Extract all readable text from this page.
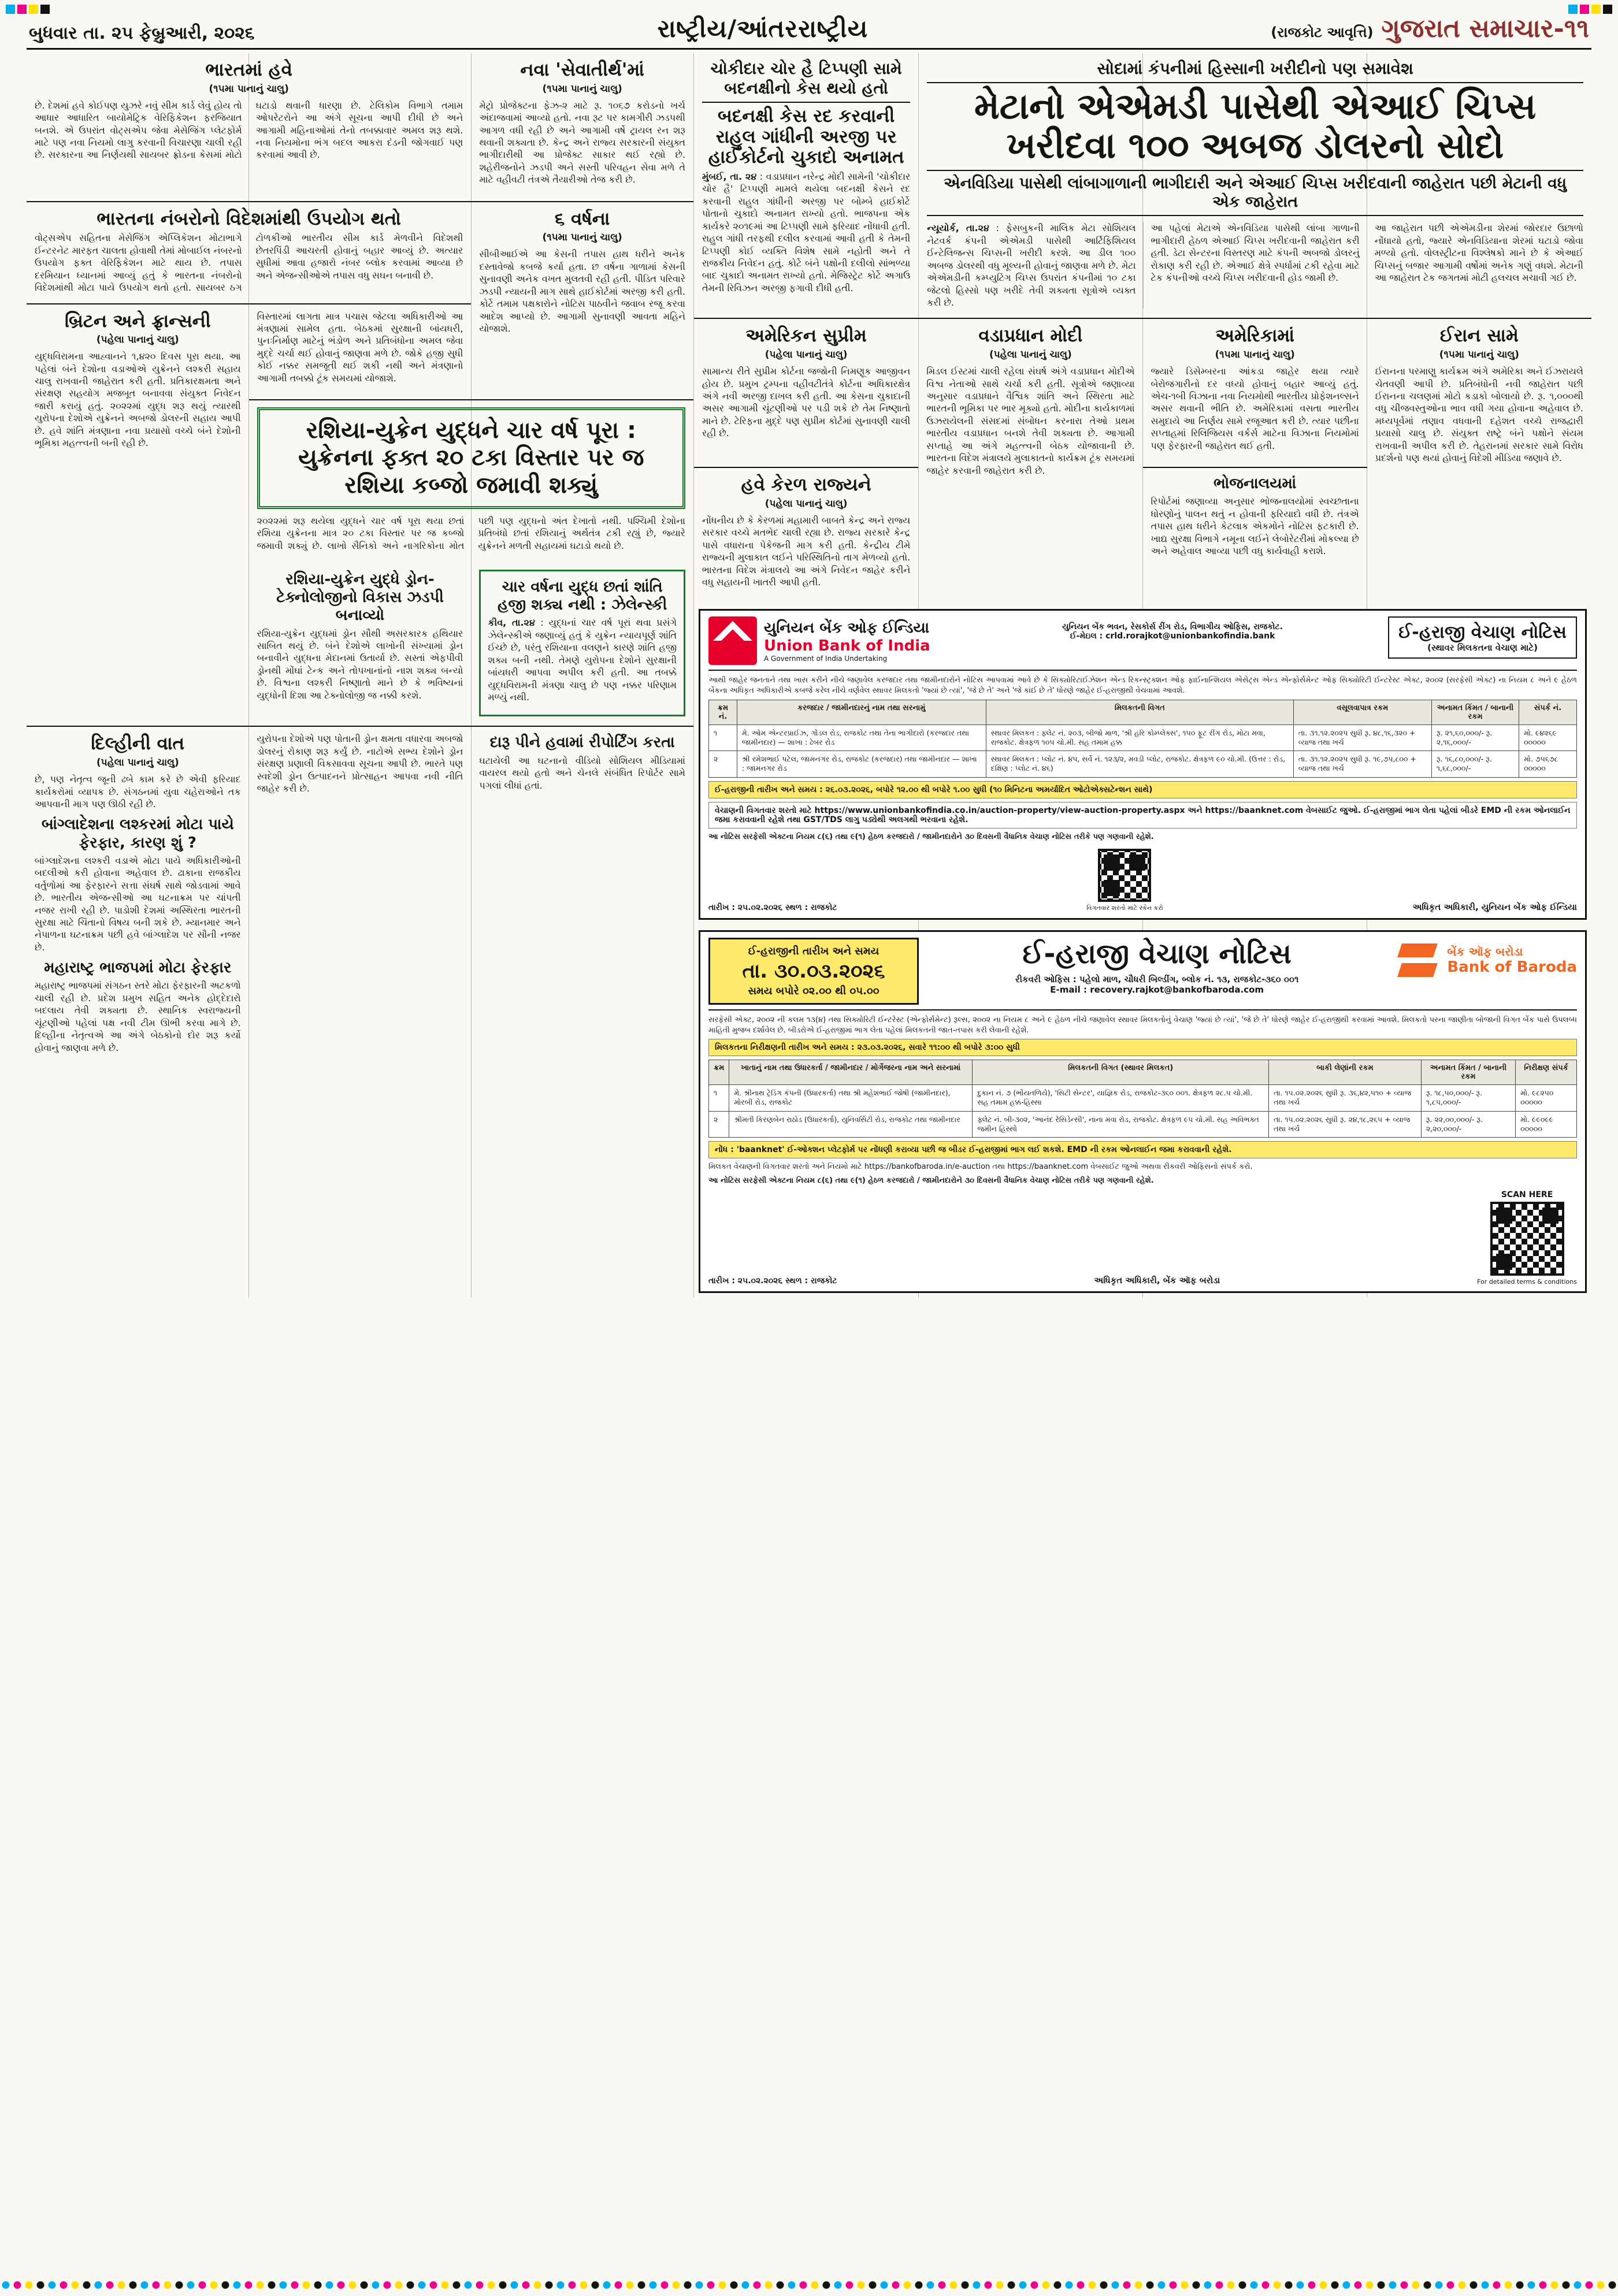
બુધવાર તા. ૨૫ ફેબ્રુઆરી, ૨૦૨૬	રાષ્ટ્રીય/આંતરરાષ્ટ્રીય	(રાજકોટ આવૃત્તિ) ગુજરાત સમાચાર-૧૧
ભારતમાં હવે

(૧૫મા પાનાનું ચાલુ)

છે. દેશમાં હવે કોઈપણ યુઝરે નવું સીમ કાર્ડ લેવું હોય તો આધાર આધારિત બાયોમેટ્રિક વેરિફિકેશન ફરજિયાત બનશે. એ ઉપરાંત વોટ્સએપ જેવા મેસેજિંગ પ્લેટફોર્મ માટે પણ નવા નિયમો લાગુ કરવાની વિચારણા ચાલી રહી છે. સરકારના આ નિર્ણયથી સાયબર ફ્રોડના કેસમાં મોટો ઘટાડો થવાની ધારણા છે. ટેલિકોમ વિભાગે તમામ ઓપરેટરોને આ અંગે સૂચના આપી દીધી છે અને આગામી મહિનાઓમાં તેનો તબક્કાવાર અમલ શરૂ થશે. નવા નિયમોના ભંગ બદલ આકરા દંડની જોગવાઈ પણ કરવામાં આવી છે.

નવા 'સેવાતીર્થ'માં

(૧૫મા પાનાનું ચાલુ)

મેટ્રો પ્રોજેક્ટના ફેઝ-૨ માટે રૂ. ૧૦૬૭ કરોડનો ખર્ચ અંદાજવામાં આવ્યો હતો. નવા રૂટ પર કામગીરી ઝડપથી આગળ વધી રહી છે અને આગામી વર્ષે ટ્રાયલ રન શરૂ થવાની શક્યતા છે. કેન્દ્ર અને રાજ્ય સરકારની સંયુક્ત ભાગીદારીથી આ પ્રોજેક્ટ સાકાર થઈ રહ્યો છે. શહેરીજનોને ઝડપી અને સસ્તી પરિવહન સેવા મળે તે માટે વહીવટી તંત્રએ તૈયારીઓ તેજ કરી છે.

ભારતના નંબરોનો વિદેશમાંથી ઉપયોગ થતો

વોટ્સએપ સહિતના મેસેજિંગ એપ્લિકેશન મોટાભાગે ઈન્ટરનેટ મારફત ચાલતા હોવાથી તેમાં મોબાઈલ નંબરનો ઉપયોગ ફક્ત વેરિફિકેશન માટે થાય છે. તપાસ દરમિયાન ધ્યાનમાં આવ્યું હતું કે ભારતના નંબરોનો વિદેશમાંથી મોટા પાયે ઉપયોગ થતો હતો. સાયબર ઠગ ટોળકીઓ ભારતીય સીમ કાર્ડ મેળવીને વિદેશથી છેતરપિંડી આચરતી હોવાનું બહાર આવ્યું છે. અત્યાર સુધીમાં આવા હજારો નંબર બ્લોક કરવામાં આવ્યા છે અને એજન્સીઓએ તપાસ વધુ સઘન બનાવી છે.

૬ વર્ષના

(૧૫મા પાનાનું ચાલુ)

સીબીઆઈએ આ કેસની તપાસ હાથ ધરીને અનેક દસ્તાવેજો કબજે કર્યા હતા. છ વર્ષના ગાળામાં કેસની સુનાવણી અનેક વખત મુલતવી રહી હતી. પીડિત પરિવારે ઝડપી ન્યાયની માગ સાથે હાઈકોર્ટમાં અરજી કરી હતી. કોર્ટે તમામ પક્ષકારોને નોટિસ પાઠવીને જવાબ રજૂ કરવા આદેશ આપ્યો છે. આગામી સુનાવણી આવતા મહિને યોજાશે.

બ્રિટન અને ફ્રાન્સની

(પહેલા પાનાનું ચાલુ)

યુદ્ધવિરામના આહ્વાનને ૧,૪૨૦ દિવસ પૂરા થયા. આ પહેલાં બંને દેશોના વડાઓએ યુક્રેનને લશ્કરી સહાય ચાલુ રાખવાની જાહેરાત કરી હતી. પ્રતિકારક્ષમતા અને સંરક્ષણ સહયોગ મજબૂત બનાવવા સંયુક્ત નિવેદન જારી કરાયું હતું. ૨૦૨૨માં યુદ્ધ શરૂ થયું ત્યારથી યુરોપના દેશોએ યુક્રેનને અબજો ડોલરની સહાય આપી છે. હવે શાંતિ મંત્રણાના નવા પ્રયાસો વચ્ચે બંને દેશોની ભૂમિકા મહત્ત્વની બની રહી છે.

વિસ્તારમાં લાગતા માત્ર પચાસ જેટલા અધિકારીઓ આ મંત્રણામાં સામેલ હતા. બેઠકમાં સુરક્ષાની બાંયધરી, પુનઃનિર્માણ માટેનું ભંડોળ અને પ્રતિબંધોના અમલ જેવા મુદ્દે ચર્ચા થઈ હોવાનું જાણવા મળે છે. જોકે હજી સુધી કોઈ નક્કર સમજૂતી થઈ શકી નથી અને મંત્રણાનો આગામી તબક્કો ટૂંક સમયમાં યોજાશે.

રશિયા-યુક્રેન યુદ્ધને ચાર વર્ષ પૂરા : યુક્રેનના ફક્ત ૨૦ ટકા વિસ્તાર પર જ રશિયા કબ્જો જમાવી શક્યું

૨૦૨૨માં શરૂ થયેલા યુદ્ધને ચાર વર્ષ પૂરા થયા છતાં રશિયા યુક્રેનના માત્ર ૨૦ ટકા વિસ્તાર પર જ કબ્જો જમાવી શક્યું છે. લાખો સૈનિકો અને નાગરિકોના મોત પછી પણ યુદ્ધનો અંત દેખાતો નથી. પશ્ચિમી દેશોના પ્રતિબંધો છતાં રશિયાનું અર્થતંત્ર ટકી રહ્યું છે, જ્યારે યુક્રેનને મળતી સહાયમાં ઘટાડો થયો છે.

રશિયા-યુક્રેન યુદ્ધે ડ્રોન-ટેક્નોલોજીનો વિકાસ ઝડપી બનાવ્યો

રશિયા-યુક્રેન યુદ્ધમાં ડ્રોન સૌથી અસરકારક હથિયાર સાબિત થયું છે. બંને દેશોએ લાખોની સંખ્યામાં ડ્રોન બનાવીને યુદ્ધના મેદાનમાં ઉતાર્યા છે. સસ્તાં એફપીવી ડ્રોનથી મોંઘાં ટેન્ક અને તોપખાનાંનો નાશ શક્ય બન્યો છે. વિશ્વના લશ્કરી નિષ્ણાતો માને છે કે ભવિષ્યનાં યુદ્ધોની દિશા આ ટેક્નોલોજી જ નક્કી કરશે.

ચાર વર્ષના યુદ્ધ છતાં શાંતિ હજી શક્ય નથી : ઝેલેન્સ્કી

કીવ, તા.૨૪ : યુદ્ધનાં ચાર વર્ષ પૂરાં થવા પ્રસંગે ઝેલેન્સ્કીએ જણાવ્યું હતું કે યુક્રેન ન્યાયપૂર્ણ શાંતિ ઈચ્છે છે, પરંતુ રશિયાના વલણને કારણે શાંતિ હજી શક્ય બની નથી. તેમણે યુરોપના દેશોને સુરક્ષાની બાંયધરી આપવા અપીલ કરી હતી. આ તબક્કે યુદ્ધવિરામની મંત્રણા ચાલુ છે પણ નક્કર પરિણામ મળ્યું નથી.

દિલ્હીની વાત

(પહેલા પાનાનું ચાલુ)

છે, પણ નેતૃત્વ જૂની ઢબે કામ કરે છે એવી ફરિયાદ કાર્યકરોમાં વ્યાપક છે. સંગઠનમાં યુવા ચહેરાઓને તક આપવાની માગ પણ ઊઠી રહી છે.

બાંગ્લાદેશના લશ્કરમાં મોટા પાયે ફેરફાર, કારણ શું ?

બાંગ્લાદેશના લશ્કરી વડાએ મોટા પાયે અધિકારીઓની બદલીઓ કરી હોવાના અહેવાલ છે. ઢાકાના રાજકીય વર્તુળોમાં આ ફેરફારને સત્તા સંઘર્ષ સાથે જોડવામાં આવે છે. ભારતીય એજન્સીઓ આ ઘટનાક્રમ પર ચાંપતી નજર રાખી રહી છે. પાડોશી દેશમાં અસ્થિરતા ભારતની સુરક્ષા માટે ચિંતાનો વિષય બની શકે છે. મ્યાનમાર અને નેપાળના ઘટનાક્રમ પછી હવે બાંગ્લાદેશ પર સૌની નજર છે.

મહારાષ્ટ્ર ભાજપમાં મોટા ફેરફાર

મહારાષ્ટ્ર ભાજપમાં સંગઠન સ્તરે મોટા ફેરફારની અટકળો ચાલી રહી છે. પ્રદેશ પ્રમુખ સહિત અનેક હોદ્દેદારો બદલાય તેવી શક્યતા છે. સ્થાનિક સ્વરાજ્યની ચૂંટણીઓ પહેલાં પક્ષ નવી ટીમ ઊભી કરવા માગે છે. દિલ્હીના નેતૃત્વએ આ અંગે બેઠકોનો દોર શરૂ કર્યો હોવાનું જાણવા મળે છે.

યુરોપના દેશોએ પણ પોતાની ડ્રોન ક્ષમતા વધારવા અબજો ડોલરનું રોકાણ શરૂ કર્યું છે. નાટોએ સભ્ય દેશોને ડ્રોન સંરક્ષણ પ્રણાલી વિકસાવવા સૂચના આપી છે. ભારતે પણ સ્વદેશી ડ્રોન ઉત્પાદનને પ્રોત્સાહન આપવા નવી નીતિ જાહેર કરી છે.

દારૂ પીને હવામાં રીપોર્ટિંગ કરતા

ઘટાયેલી આ ઘટનાનો વીડિયો સોશિયલ મીડિયામાં વાયરલ થયો હતો અને ચેનલે સંબંધિત રિપોર્ટર સામે પગલાં લીધાં હતાં.

ચોકીદાર ચોર હૈ ટિપ્પણી સામે બદનક્ષીનો કેસ થયો હતો
બદનક્ષી કેસ રદ કરવાની રાહુલ ગાંધીની અરજી પર હાઈકોર્ટનો ચુકાદો અનામત

મુંબઈ, તા. ૨૪ : વડાપ્રધાન નરેન્દ્ર મોદી સામેની 'ચોકીદાર ચોર હૈ' ટિપ્પણી મામલે થયેલા બદનક્ષી કેસને રદ કરવાની રાહુલ ગાંધીની અરજી પર બોમ્બે હાઈકોર્ટે પોતાનો ચુકાદો અનામત રાખ્યો હતો. ભાજપના એક કાર્યકરે ૨૦૧૯માં આ ટિપ્પણી સામે ફરિયાદ નોંધાવી હતી. રાહુલ ગાંધી તરફથી દલીલ કરવામાં આવી હતી કે તેમની ટિપ્પણી કોઈ વ્યક્તિ વિશેષ સામે નહોતી અને તે રાજકીય નિવેદન હતું. કોર્ટે બંને પક્ષોની દલીલો સાંભળ્યા બાદ ચુકાદો અનામત રાખ્યો હતો. મેજિસ્ટ્રેટ કોર્ટે અગાઉ તેમની રિવિઝન અરજી ફગાવી દીધી હતી.

સોદામાં કંપનીમાં હિસ્સાની ખરીદીનો પણ સમાવેશ
મેટાનો એએમડી પાસેથી એઆઈ ચિપ્સ ખરીદવા ૧૦૦ અબજ ડોલરનો સોદો
એનવિડિયા પાસેથી લાંબાગાળાની ભાગીદારી અને એઆઈ ચિપ્સ ખરીદવાની જાહેરાત પછી મેટાની વધુ એક જાહેરાત

ન્યૂયોર્ક, તા.૨૪ : ફેસબુકની માલિક મેટા સોશિયલ નેટવર્ક કંપની એએમડી પાસેથી આર્ટિફિશિયલ ઈન્ટેલિજન્સ ચિપ્સની ખરીદી કરશે. આ ડીલ ૧૦૦ અબજ ડોલરથી વધુ મૂલ્યની હોવાનું જાણવા મળે છે. મેટા એએમડીની કમ્પ્યુટિંગ ચિપ્સ ઉપરાંત કંપનીમાં ૧૦ ટકા જેટલો હિસ્સો પણ ખરીદે તેવી શક્યતા સૂત્રોએ વ્યક્ત કરી છે.

આ પહેલાં મેટાએ એનવિડિયા પાસેથી લાંબા ગાળાની ભાગીદારી હેઠળ એઆઈ ચિપ્સ ખરીદવાની જાહેરાત કરી હતી. ડેટા સેન્ટરના વિસ્તરણ માટે કંપની અબજો ડોલરનું રોકાણ કરી રહી છે. એઆઈ ક્ષેત્રે સ્પર્ધામાં ટકી રહેવા માટે ટેક કંપનીઓ વચ્ચે ચિપ્સ ખરીદવાની હોડ જામી છે.

આ જાહેરાત પછી એએમડીના શેરમાં જોરદાર ઉછાળો નોંધાયો હતો, જ્યારે એનવિડિયાના શેરમાં ઘટાડો જોવા મળ્યો હતો. વોલસ્ટ્રીટના વિશ્લેષકો માને છે કે એઆઈ ચિપ્સનું બજાર આગામી વર્ષોમાં અનેક ગણું વધશે. મેટાની આ જાહેરાત ટેક જગતમાં મોટી હલચલ મચાવી ગઈ છે.

અમેરિકન સુપ્રીમ

(પહેલા પાનાનું ચાલુ)

સામાન્ય રીતે સુપ્રીમ કોર્ટના જજોની નિમણૂક આજીવન હોય છે. પ્રમુખ ટ્રમ્પના વહીવટીતંત્રે કોર્ટના અધિકારક્ષેત્ર અંગે નવી અરજી દાખલ કરી હતી. આ કેસના ચુકાદાની અસર આગામી ચૂંટણીઓ પર પડી શકે છે તેમ નિષ્ણાતો માને છે. ટેરિફના મુદ્દે પણ સુપ્રીમ કોર્ટમાં સુનાવણી ચાલી રહી છે.

વડાપ્રધાન મોદી

(પહેલા પાનાનું ચાલુ)

મિડલ ઈસ્ટમાં ચાલી રહેલા સંઘર્ષ અંગે વડાપ્રધાન મોદીએ વિશ્વ નેતાઓ સાથે ચર્ચા કરી હતી. સૂત્રોએ જણાવ્યા અનુસાર વડાપ્રધાને વૈશ્વિક શાંતિ અને સ્થિરતા માટે ભારતની ભૂમિકા પર ભાર મૂક્યો હતો. મોદીના કાર્યકાળમાં ઉઝરાયેલની સંસદમાં સંબોધન કરનારા તેઓ પ્રથમ ભારતીય વડાપ્રધાન બનશે તેવી શક્યતા છે. આગામી સપ્તાહે આ અંગે મહત્ત્વની બેઠક યોજાવાની છે. ભારતના વિદેશ મંત્રાલયે મુલાકાતનો કાર્યક્રમ ટૂંક સમયમાં જાહેર કરવાની જાહેરાત કરી છે.

અમેરિકામાં

(૧૫મા પાનાનું ચાલુ)

જ્યારે ડિસેમ્બરના આંકડા જાહેર થયા ત્યારે બેરોજગારીનો દર વધ્યો હોવાનું બહાર આવ્યું હતું. એચ-૧બી વિઝાના નવા નિયમોથી ભારતીય પ્રોફેશનલ્સને અસર થવાની ભીતિ છે. અમેરિકામાં વસતા ભારતીય સમુદાયે આ નિર્ણય સામે રજૂઆત કરી છે. ત્યાર પછીના સપ્તાહમાં રિલિજિયસ વર્કર્સ માટેના વિઝાના નિયમોમાં પણ ફેરફારની જાહેરાત થઈ હતી.

ઈરાન સામે

(૧૫મા પાનાનું ચાલુ)

ઈરાનના પરમાણુ કાર્યક્રમ અંગે અમેરિકા અને ઈઝરાયલે ચેતવણી આપી છે. પ્રતિબંધોની નવી જાહેરાત પછી ઈરાનના ચલણમાં મોટો કડાકો બોલાયો છે. રૂ. ૧,૦૦૦થી વધુ ચીજવસ્તુઓના ભાવ વધી ગયા હોવાના અહેવાલ છે. મધ્યપૂર્વમાં તણાવ વધવાની દહેશત વચ્ચે રાજદ્વારી પ્રયાસો ચાલુ છે. સંયુક્ત રાષ્ટ્રે બંને પક્ષોને સંયમ રાખવાની અપીલ કરી છે. તેહરાનમાં સરકાર સામે વિરોધ પ્રદર્શનો પણ થયાં હોવાનું વિદેશી મીડિયા જણાવે છે.

હવે કેરળ રાજ્યને

(પહેલા પાનાનું ચાલુ)

નોંધનીય છે કે કેરળમાં મહામારી બાબતે કેન્દ્ર અને રાજ્ય સરકાર વચ્ચે મતભેદ ચાલી રહ્યા છે. રાજ્ય સરકારે કેન્દ્ર પાસે વધારાના પેકેજની માગ કરી હતી. કેન્દ્રીય ટીમે રાજ્યની મુલાકાત લઈને પરિસ્થિતિનો તાગ મેળવ્યો હતો. ભારતના વિદેશ મંત્રાલયે આ અંગે નિવેદન જાહેર કરીને વધુ સહાયની ખાતરી આપી હતી.

ભોજનાલયમાં

રિપોર્ટમાં જણાવ્યા અનુસાર ભોજનાલયોમાં સ્વચ્છતાના ધોરણોનું પાલન થતું ન હોવાની ફરિયાદો વધી છે. તંત્રએ તપાસ હાથ ધરીને કેટલાક એકમોને નોટિસ ફટકારી છે. ખાદ્ય સુરક્ષા વિભાગે નમૂના લઈને લેબોરેટરીમાં મોકલ્યા છે અને અહેવાલ આવ્યા પછી વધુ કાર્યવાહી કરાશે.

યુનિયન બેંક ઓફ ઈન્ડિયા
Union Bank of India
A Government of India Undertaking
યુનિયન બેંક ભવન, રેસકોર્સ રીંગ રોડ, વિભાગીય ઓફિસ, રાજકોટ.
ઈ-મેઇલ : crld.rorajkot@unionbankofindia.bank	ઈ-હરાજી વેચાણ નોટિસ
(સ્થાવર મિલકતના વેચાણ માટે)

આથી જાહેર જનતાને તથા ખાસ કરીને નીચે જણાવેલ કરજદાર તથા જામીનદારોને નોટિસ આપવામાં આવે છે કે સિક્યોરિટાઈઝેશન એન્ડ રિકન્સ્ટ્રક્શન ઓફ ફાઈનાન્શિયલ એસેટ્સ એન્ડ એન્ફોર્સમેન્ટ ઓફ સિક્યોરિટી ઈન્ટરેસ્ટ એક્ટ, ૨૦૦૨ (સરફેસી એક્ટ) ના નિયમ ૮ અને ૯ હેઠળ બેંકના અધિકૃત અધિકારીએ કબજે કરેલ નીચે વર્ણવેલ સ્થાવર મિલકતો 'જ્યાં છે ત્યાં', 'જે છે તે' અને 'જે કાંઈ છે તે' ધોરણે જાહેર ઈ-હરાજીથી વેચવામાં આવશે.

ક્રમ નં.	કરજદાર / જામીનદારનું નામ તથા સરનામું	મિલકતની વિગત	વસૂલવાપાત્ર રકમ	અનામત કિંમત / બાનાની રકમ	સંપર્ક નં.
૧	મે. ઓમ એન્ટરપ્રાઈઝ, ગોંડલ રોડ, રાજકોટ તથા તેના ભાગીદારો (કરજદાર તથા જામીનદાર) — શાખા : ઢેબર રોડ	સ્થાવર મિલકત : ફ્લેટ નં. ૨૦૩, બીજો માળ, 'શ્રી હરિ કોમ્પ્લેક્સ', ૧૫૦ ફૂટ રીંગ રોડ, મોટા મવા, રાજકોટ. ક્ષેત્રફળ ૧૦૫ ચો.મી. સહ તમામ હક્ક	તા. ૩૧.૧૨.૨૦૨૫ સુધી રૂ. ૪૮,૧૬,૩૨૦ + વ્યાજ તથા ખર્ચ	રૂ. ૨૧,૬૦,૦૦૦/- રૂ. ૨,૧૬,૦૦૦/-	મો. ૯૪૨૬૯ ૦૦૦૦૦
૨	શ્રી રમેશભાઈ પટેલ, જામનગર રોડ, રાજકોટ (કરજદાર) તથા જામીનદાર — શાખા : જામનગર રોડ	સ્થાવર મિલકત : પ્લોટ નં. ૪૫, સર્વે નં. ૧૨૩/૨, મવડી પ્લોટ, રાજકોટ. ક્ષેત્રફળ ૯૦ ચો.મી. (ઉત્તર : રોડ, દક્ષિણ : પ્લોટ નં. ૪૬)	તા. ૩૧.૧૨.૨૦૨૫ સુધી રૂ. ૧૯,૭૫,૮૦૦ + વ્યાજ તથા ખર્ચ	રૂ. ૧૬,૮૦,૦૦૦/- રૂ. ૧,૬૮,૦૦૦/-	મો. ૭૫૬૭૮ ૦૦૦૦૦
ઈ-હરાજીની તારીખ અને સમય : ૨૬.૦૩.૨૦૨૬, બપોરે ૧૨.૦૦ થી બપોરે ૧.૦૦ સુધી (૧૦ મિનિટના અમર્યાદિત ઓટોએક્સટેન્શન સાથે)
વેચાણની વિગતવાર શરતો માટે https://www.unionbankofindia.co.in/auction-property/view-auction-property.aspx અને https://baanknet.com વેબસાઈટ જુઓ. ઈ-હરાજીમાં ભાગ લેતા પહેલાં બીડરે EMD ની રકમ ઓનલાઈન જમા કરાવવાની રહેશે તથા GST/TDS લાગુ પડ્યેથી અલગથી ભરવાના રહેશે.

આ નોટિસ સરફેસી એક્ટના નિયમ ૮(૬) તથા ૯(૧) હેઠળ કરજદારો / જામીનદારોને ૩૦ દિવસની વૈધાનિક વેચાણ નોટિસ તરીકે પણ ગણવાની રહેશે.

તારીખ : ૨૫.૦૨.૨૦૨૬ સ્થળ : રાજકોટ	વિગતવાર શરતો માટે સ્કેન કરો	અધિકૃત અધિકારી, યુનિયન બેંક ઓફ ઈન્ડિયા
ઈ-હરાજીની તારીખ અને સમય
તા. ૩૦.૦૩.૨૦૨૬
સમય બપોરે ૦૨.૦૦ થી ૦૫.૦૦
ઈ-હરાજી વેચાણ નોટિસ
રીકવરી ઓફિસ : પહેલો માળ, ચૌધરી બિલ્ડીંગ, બ્લોક નં. ૧૩, રાજકોટ-૩૬૦ ૦૦૧
E-mail : recovery.rajkot@bankofbaroda.com
બેંક ઑફ બરોડા
Bank of Baroda

સરફેસી એક્ટ, ૨૦૦૨ ની કલમ ૧૩(૪) તથા સિક્યોરિટી ઈન્ટરેસ્ટ (એન્ફોર્સમેન્ટ) રૂલ્સ, ૨૦૦૨ ના નિયમ ૮ અને ૯ હેઠળ નીચે જણાવેલ સ્થાવર મિલકતોનું વેચાણ 'જ્યાં છે ત્યાં', 'જે છે તે' ધોરણે જાહેર ઈ-હરાજીથી કરવામાં આવશે. મિલકતો પરના જાણીતા બોજાની વિગત બેંક પાસે ઉપલબ્ધ માહિતી મુજબ દર્શાવેલ છે. બીડરોએ ઈ-હરાજીમાં ભાગ લેતા પહેલાં મિલકતની જાત-તપાસ કરી લેવાની રહેશે.

મિલકતના નિરીક્ષણની તારીખ અને સમય : ૨૩.૦૩.૨૦૨૬, સવારે ૧૧:૦૦ થી બપોરે ૩:૦૦ સુધી
ક્રમ	ખાતાનું નામ તથા ઉધારકર્તા / જામીનદાર / મોર્ગેજરના નામ અને સરનામાં	મિલકતની વિગત (સ્થાવર મિલકત)	બાકી લેણાંની રકમ	અનામત કિંમત / બાનાની રકમ	નિરીક્ષણ સંપર્ક
૧	મે. શ્રીનાથ ટ્રેડિંગ કંપની (ઉધારકર્તા) તથા શ્રી મહેશભાઈ જોષી (જામીનદાર), મોરબી રોડ, રાજકોટ	દુકાન નં. ૭ (ભોંયતળિયે), 'સિટી સેન્ટર', યાજ્ઞિક રોડ, રાજકોટ-૩૬૦ ૦૦૧. ક્ષેત્રફળ ૨૮.૫ ચો.મી. સહ તમામ હક્ક-હિસ્સા	તા. ૧૫.૦૨.૨૦૨૬ સુધી રૂ. ૩૬,૪૨,૫૧૦ + વ્યાજ તથા ખર્ચ	રૂ. ૧૮,૫૦,૦૦૦/- રૂ. ૧,૮૫,૦૦૦/-	મો. ૯૮૨૫૦ ૦૦૦૦૦
૨	શ્રીમતી કિરણબેન રાઠોડ (ઉધારકર્તા), યુનિવર્સિટી રોડ, રાજકોટ તથા જામીનદાર	ફ્લેટ નં. બી-૩૦૨, 'આનંદ રેસિડેન્સી', નાના મવા રોડ, રાજકોટ. ક્ષેત્રફળ ૯૫ ચો.મી. સહ અવિભક્ત જમીન હિસ્સો	તા. ૧૫.૦૨.૨૦૨૬ સુધી રૂ. ૨૪,૧૮,૨૬૫ + વ્યાજ તથા ખર્ચ	રૂ. ૨૨,૦૦,૦૦૦/- રૂ. ૨,૨૦,૦૦૦/-	મો. ૯૯૦૯૯ ૦૦૦૦૦
નોંધ : 'baanknet' ઈ-ઓક્શન પ્લેટફોર્મ પર નોંધણી કરાવ્યા પછી જ બીડર ઈ-હરાજીમાં ભાગ લઈ શકશે. EMD ની રકમ ઓનલાઈન જમા કરાવવાની રહેશે.

મિલકત વેચાણની વિગતવાર શરતો અને નિયમો માટે https://bankofbaroda.in/e-auction તથા https://baanknet.com વેબસાઈટ જુઓ અથવા રીકવરી ઓફિસનો સંપર્ક કરો.

આ નોટિસ સરફેસી એક્ટના નિયમ ૮(૬) તથા ૯(૧) હેઠળ કરજદારો / જામીનદારોને ૩૦ દિવસની વૈધાનિક વેચાણ નોટિસ તરીકે પણ ગણવાની રહેશે.

તારીખ : ૨૫.૦૨.૨૦૨૬ સ્થળ : રાજકોટ	અધિકૃત અધિકારી, બેંક ઑફ બરોડા
SCAN HERE
For detailed terms & conditions
